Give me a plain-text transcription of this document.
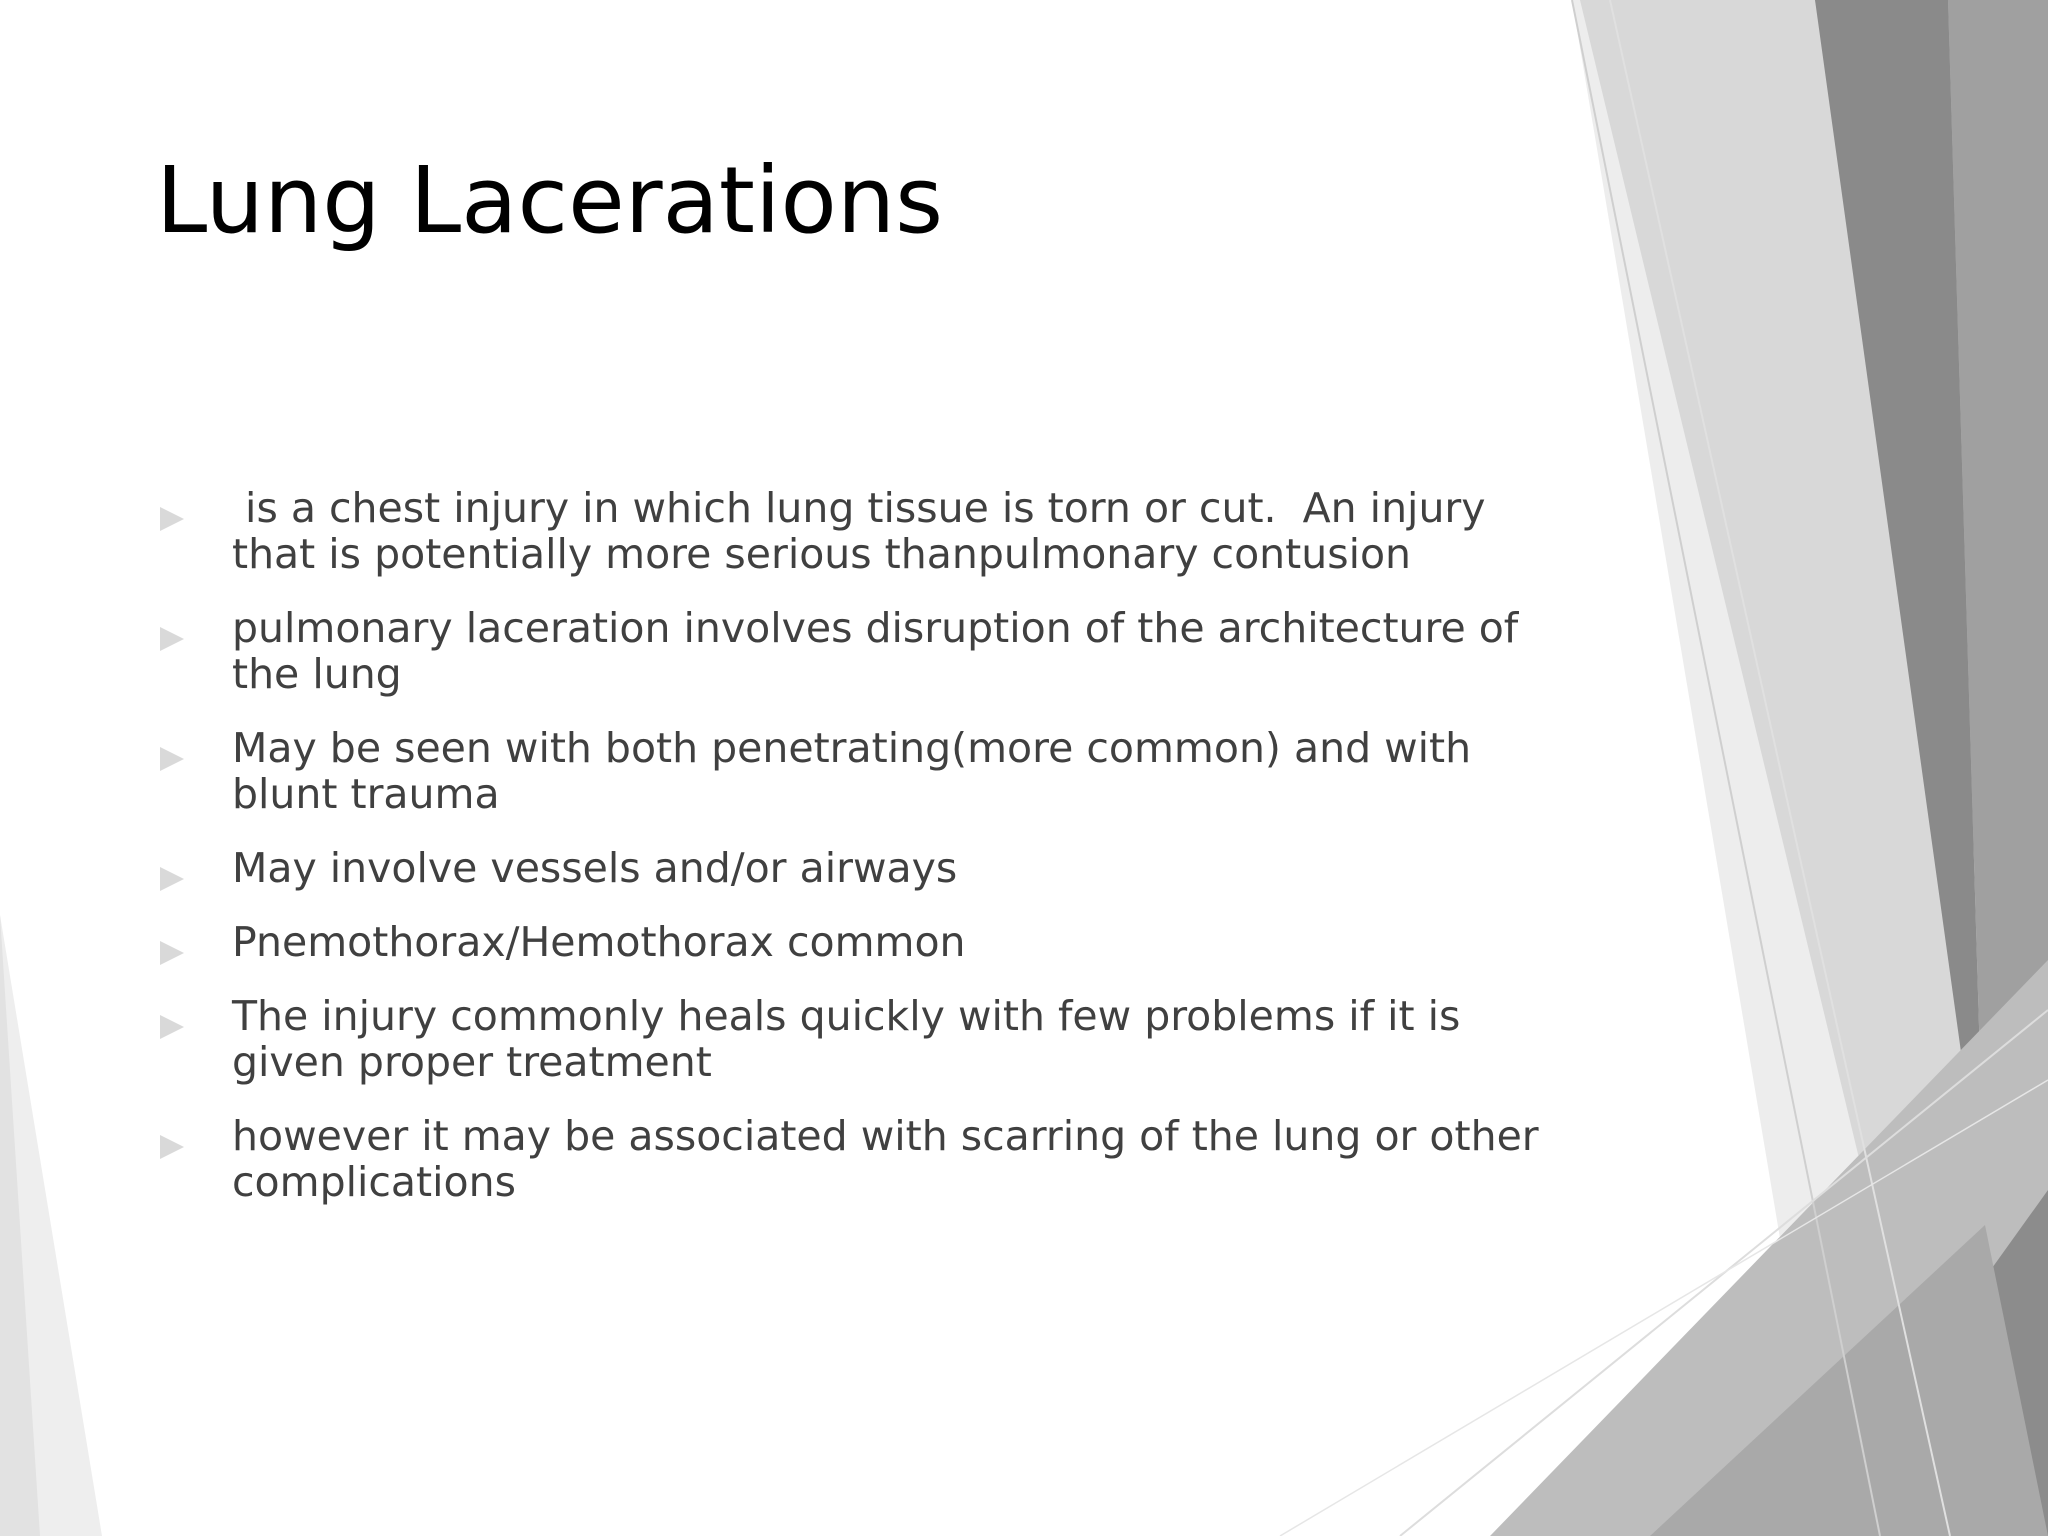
Lung Lacerations
is a chest injury in which lung tissue is torn or cut.  An injury that is potentially more serious thanpulmonary contusion
pulmonary laceration involves disruption of the architecture of the lung
May be seen with both penetrating(more common) and with blunt trauma
May involve vessels and/or airways
Pnemothorax/Hemothorax common
The injury commonly heals quickly with few problems if it is given proper treatment
however it may be associated with scarring of the lung or other complications
